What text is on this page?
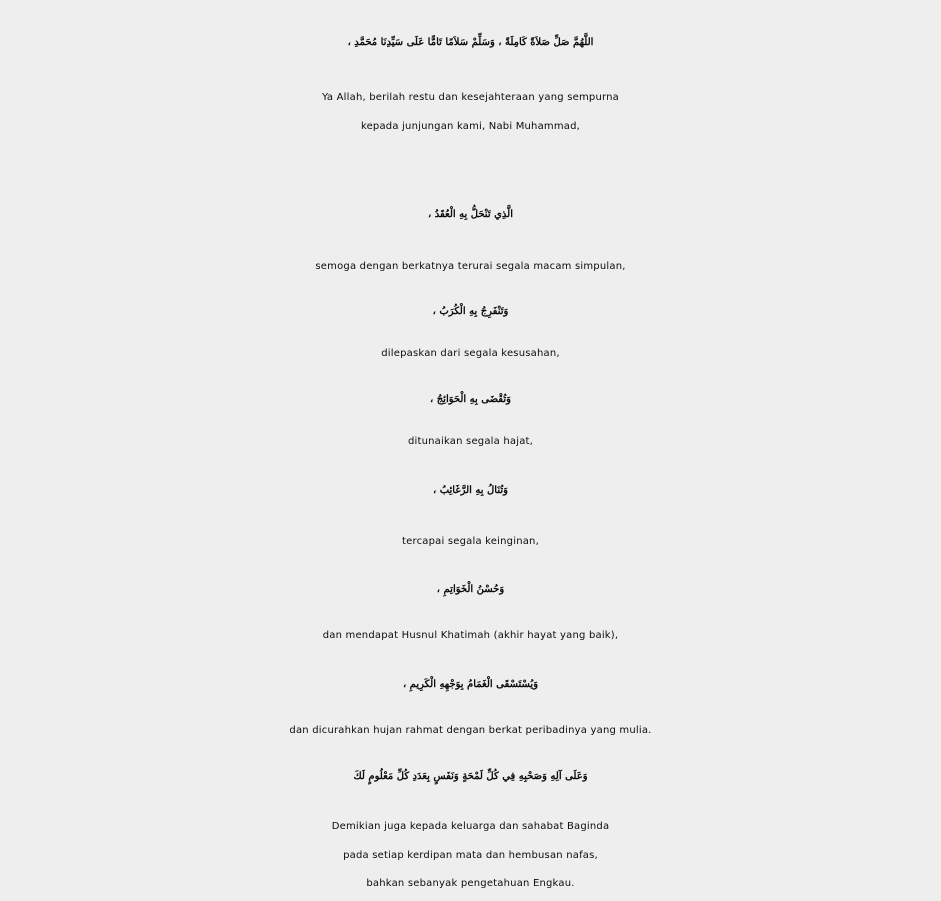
اللَّهُمَّ صَلِّ صَلاَةً كَامِلَةً ، وَسَلِّمْ سَلاَمًا تَامًّا عَلَى سَيِّدِنَا مُحَمَّدِ ،
Ya Allah, berilah restu dan kesejahteraan yang sempurna
kepada junjungan kami, Nabi Muhammad,
الَّذِي تَنْحَلُّ بِهِ الْعُقَدُ ،
semoga dengan berkatnya terurai segala macam simpulan,
وَتَنْفَرِجُ بِهِ الْكُرَبُ ،
dilepaskan dari segala kesusahan,
وَتُقْضَى بِهِ الْحَوَائِجُ ،
ditunaikan segala hajat,
وَتُنَالُ بِهِ الرَّغَائِبُ ،
tercapai segala keinginan,
وَحُسْنُ الْخَوَاتِمِ ،
dan mendapat Husnul Khatimah (akhir hayat yang baik),
وَيُسْتَسْقَى الْغَمَامُ بِوَجْهِهِ الْكَرِيمِ ،
dan dicurahkan hujan rahmat dengan berkat peribadinya yang mulia.
وَعَلَى آلِهِ وَصَحْبِهِ فِي كُلِّ لَمْحَةٍ وَنَفَسٍ بِعَدَدِ كُلِّ مَعْلُومٍ لَكَ
Demikian juga kepada keluarga dan sahabat Baginda
pada setiap kerdipan mata dan hembusan nafas,
bahkan sebanyak pengetahuan Engkau.
